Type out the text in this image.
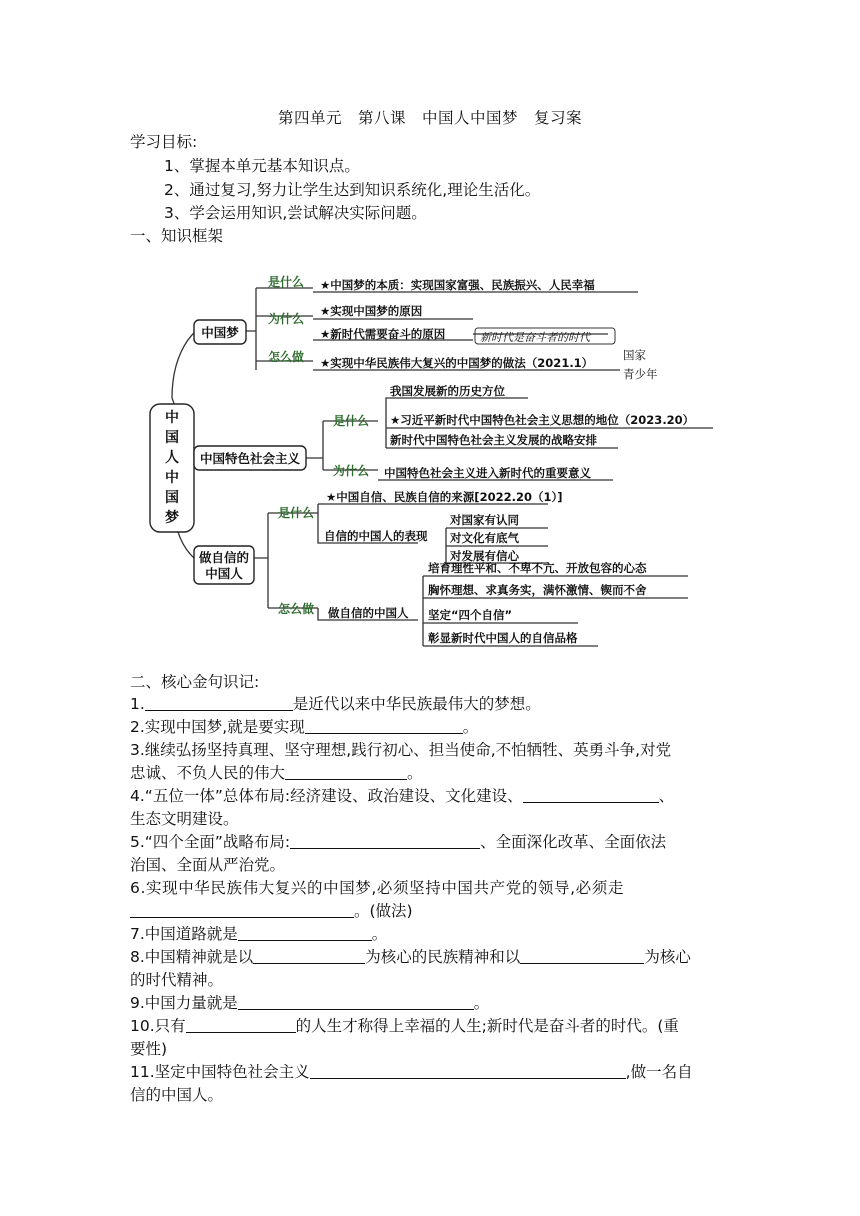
第四单元　第八课　中国人中国梦　复习案
学习目标:
1、掌握本单元基本知识点。
2、通过复习,努力让学生达到知识系统化,理论生活化。
3、学会运用知识,尝试解决实际问题。
一、知识框架
中
国
人
中
国
梦
中国梦
是什么 ★中国梦的本质：实现国家富强、民族振兴、人民幸福
为什么
★实现中国梦的原因
★新时代需要奋斗的原因	新时代是奋斗者的时代
怎么做 ★实现中华民族伟大复兴的中国梦的做法（2021.1）
国家
青少年
中国特色社会主义
是什么
我国发展新的历史方位
★习近平新时代中国特色社会主义思想的地位（2023.20）
新时代中国特色社会主义发展的战略安排
为什么 中国特色社会主义进入新时代的重要意义
做自信的
中国人
是什么
★中国自信、民族自信的来源[2022.20（1）]
自信的中国人的表现
对国家有认同
对文化有底气
对发展有信心
怎么做 做自信的中国人
培育理性平和、不卑不亢、开放包容的心态
胸怀理想、求真务实，满怀激情、锲而不舍
坚定“四个自信”
彰显新时代中国人的自信品格
二、核心金句识记:
1.	是近代以来中华民族最伟大的梦想。
2.实现中国梦,就是要实现	。
3.继续弘扬坚持真理、坚守理想,践行初心、担当使命,不怕牺牲、英勇斗争,对党
忠诚、不负人民的伟大	。
4.“五位一体”总体布局:经济建设、政治建设、文化建设、	、
生态文明建设。
5.“四个全面”战略布局:	、全面深化改革、全面依法
治国、全面从严治党。
6.实现中华民族伟大复兴的中国梦,必须坚持中国共产党的领导,必须走
。(做法)
7.中国道路就是	。
8.中国精神就是以	为核心的民族精神和以	为核心
的时代精神。
9.中国力量就是	。
10.只有	的人生才称得上幸福的人生;新时代是奋斗者的时代。(重
要性)
11.坚定中国特色社会主义	,做一名自
信的中国人。
